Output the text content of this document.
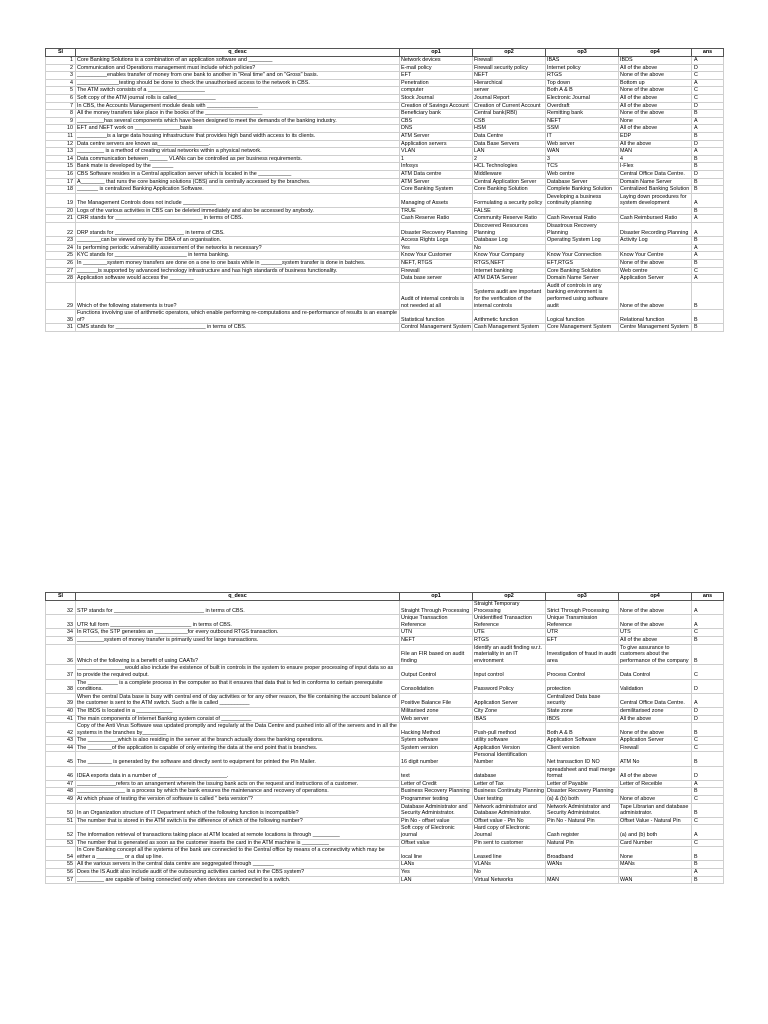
Sl	q_desc	op1	op2	op3	op4	ans
1	Core Banking Solutions is a combination of an application software and ________	Network devices	Firewall	IBAS	IBDS	A
2	Communication and Operations management must include which policies?	E-mail policy	Firewall security policy	Internet policy	All of the above	D
3	__________enables transfer of money from one bank to another in "Real time" and on "Gross" basis.	EFT	NEFT	RTGS	None of the above	C
4	______________testing should be done to check the unauthorised access to the network in CBS.	Penetration	Hierarchical	Top down	Bottom up	A
5	The ATM switch consists of a ___________________	computer	server	Both A & B	None of the above	C
6	Soft copy of the ATM journal rolls is called_____________	Stock Journal	Journal Report	Electronic Journal	All of the above	C
7	In CBS, the Accounts Management module deals with _________________	Creation of Savings Account	Creation of Current Account	Overdraft	All of the above	D
8	All the money transfers take place in the books of the ___________________	Beneficiary bank	Central bank(RBI)	Remitting bank	None of the above	B
9	_________has several components which have been designed to meet the demands of the banking industry.	CBS	CSB	NEFT	None	A
10	EFT and NEFT work on _______________basis	DNS	HSM	SSM	All of the above	A
11	__________is a large data housing infrastructure that provides high band width access to its clients.	ATM Server	Data Centre	IT	EDP	B
12	Data centre servers are known as_________________.	Application servers	Data Base Servers	Web server	All the above	D
13	_________ is a method of creating virtual networks within a physical network.	VLAN	LAN	WAN	MAN	A
14	Data communication between ______ VLANs can be controlled as per business requirements.	1	2	3	4	B
15	Bank mate is developed by the _______	Infosys	HCL Technologies	TCS	I-Flex	B
16	CBS Software resides in a Central application server which is located in the ___________	ATM Data centre	Middleware	Web centre	Central Office Data Centre.	D
17	A________ that runs the core banking solutions (CBS) and is centrally accessed by the branches.	ATM Server	Central Application Server	Database Server	Domain Name Server	B
18	_______ is centralized Banking Application Software.	Core Banking System	Core Banking Solution	Complete Banking Solution	Centralized Banking Solution	B
19	The Management Controls does not include ___________	Managing of Assets	Formulating a security policy	Developing a business continuity planning	Laying down procedures for system development	A
20	Logs of the various activities in CBS can be deleted immediately and also be accessed by anybody.	TRUE	FALSE			B
21	CRR stands for _____________________________ in terms of CBS.	Cash Reserve Ratio	Community Reserve Ratio	Cash Reversal Ratio	Cash Reimbursed Ratio	A
22	DRP stands for _______________________ in terms of CBS.	Disaster Recovery Planning	Discovered Resources Planning	Disastrous Recovery Planning	Disaster Recording Planning	A
23	________can be viewed only by the DBA of an organisation.	Access Rights Logs	Database Log	Operating System Log	Activity Log	B
24	Is performing periodic vulnerability assessment of the networks is necessary?	Yes	No			A
25	KYC stands for ________________________ in terms banking.	Know Your Customer	Know Your Company	Know Your Connection	Know Your Centre	A
26	In ________system money transfers are done on a one to one basis while in _______system transfer is done in batches.	NEFT, RTGS	RTGS,NEFT	EFT,RTGS	None of the above	B
27	_______is supported by advanced technology infrastructure and has high standards of business functionality.	Firewall	Internet banking	Core Banking Solution	Web centre	C
28	Application software would access the ________	Data base server	ATM DATA Server	Domain Name Server	Application Server	A
29	Which of the following statements is true?	Audit of internal controls is not needed at all	Systems audit are important for the verification of the internal controls	Audit of controls in any banking environment is performed using software audit	None of the above	B
30	Functions involving use of arithmetic operators, which enable performing re-computations and re-performance of results is an example of?	Statistical function	Arithmetic function	Logical function	Relational function	B
31	CMS stands for ______________________________ in terms of CBS.	Control Management System	Cash Management System	Core Management System	Centre Management System	B
Sl	q_desc	op1	op2	op3	op4	ans
32	STP stands for ______________________________ in terms of CBS.	Straight Through Processing	Straight Temporary Processing	Strict Through Processing	None of the above	A
33	UTR full form ___________________________ in terms of CBS.	Unique Transaction Reference	Unidentified Transaction Reference	Unique Transmission Reference	None of the above	A
34	In RTGS, the STP generates an ___________for every outbound RTGS transaction.	UTN	UTE	UTR	UTS	C
35	_________system of money transfer is primarily used for large transactions.	NEFT	RTGS	EFT	All of the above	B
36	Which of the following is a benefit of using CAATs?	File an FIR based on audit finding	Identify an audit finding w.r.t. materiality in an IT environment	Investigation of fraud in audit area	To give assurance to customers about the performance of the company	B
37	________________would also include the existence of built in controls in the system to ensure proper processing of input data so as to provide the required output.	Output Control	Input control	Process Control	Data Control	C
38	The __________ is a complete process in the computer so that it ensures that data that is fed in conforms to certain prerequisite conditions.	Consolidation	Password Policy	protection	Validation	D
39	When the central Data base is busy with central end of day activities or for any other reason, the file containing the account balance of the customer is sent to the ATM switch. Such a file is called __________	Positive Balance File	Application Server	Centralized Data base security	Central Office Data Centre.	A
40	The IBDS is located in a ____________	Militarised zone	City Zone	State zone	demilitarised zone	D
41	The main components of Internet Banking system consist of __________	Web server	IBAS	IBDS	All the above	D
42	Copy of the Anti Virus Software was updated promptly and regularly at the Data Centre and pushed into all of the servers and in all the systems in the branches by________	Hacking Method	Push-pull method	Both A & B	None of the above	B
43	The __________which is also residing in the server at the branch actually does the banking operations.	Sytem software	utility software	Application Software	Application Server	C
44	The ________of the application is capable of only entering the data at the end point that is branches.	System version	Application Version	Client version	Firewall	C
45	The ________ is generated by the software and directly sent to equipment for printed the Pin Mailer.	16 digit number	Personal Identification Number	Net transaction ID NO	ATM No	B
46	IDEA exports data in a number of _______________________.	text	database	spreadsheet and mail merge format	All of the above	D
47	_____________refers to an arrangement wherein the issuing bank acts on the request and instructions of a customer.	Letter of Credit	Letter of Tax	Letter of Payable	Letter of Receible	A
48	________________ is a process by which the bank ensures the maintenance and recovery of operations.	Business Recovery Planning	Business Continuity Planning	Disaster Recovery Planning		B
49	At which phase of testing the version of software is called " beta version"?	Programmer testing	User testing	(a) & (b) both	None of above	C
50	In an Organization structure of IT Department which of the following function is incompatible?	Database Administrator and Security Administrator.	Network administrator and Database Administrator.	Network Administrator and Security Administrator.	Tape Librarian and database administrator.	B
51	The number that is stored in the ATM switch is the difference of which of the following number?	Pin No - offset value	Offset value - Pin No	Pin No - Natural Pin	Offset Value - Natural Pin	C
52	The information retrieval of transactions taking place at ATM located at remote locations is through _________	Soft copy of Electronic journal	Hard copy of Electronic Journal	Cash register	(a) and (b) both	A
53	The number that is generated as soon as the customer inserts the card in the ATM machine is _________	Offset value	Pin sent to customer	Natural Pin	Card Number	C
54	In Core Banking concept all the systems of the bank are connected to the Central office by means of a connectivity which may be either a _________ or a dial up line.	local line	Leased line	Broadband	None	B
55	All the various servers in the central data centre are seggregated through _______	LANs	VLANs	WANs	MANs	B
56	Does the IS Audit also include audit of the outsourcing activities carried out in the CBS system?	Yes	No			A
57	_________ are capable of being connected only when devices are connected to a switch.	LAN	Virtual Networks	MAN	WAN	B
